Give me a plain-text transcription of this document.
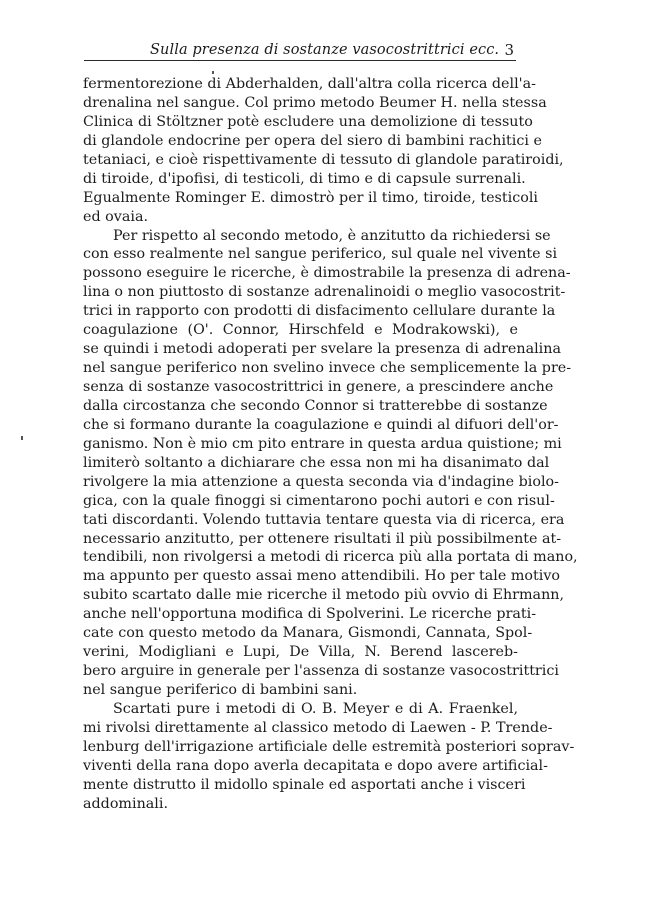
Sulla presenza di sostanze vasocostrittrici ecc. 3
fermentorezione di Abderhalden, dall'altra colla ricerca dell'a-
drenalina nel sangue. Col primo metodo Beumer H. nella stessa
Clinica di Stöltzner potè escludere una demolizione di tessuto
di glandole endocrine per opera del siero di bambini rachitici e
tetaniaci, e cioè rispettivamente di tessuto di glandole paratiroidi,
di tiroide, d'ipofisi, di testicoli, di timo e di capsule surrenali.
Egualmente Rominger E. dimostrò per il timo, tiroide, testicoli
ed ovaia.
Per rispetto al secondo metodo, è anzitutto da richiedersi se
con esso realmente nel sangue periferico, sul quale nel vivente si
possono eseguire le ricerche, è dimostrabile la presenza di adrena-
lina o non piuttosto di sostanze adrenalinoidi o meglio vasocostrit-
trici in rapporto con prodotti di disfacimento cellulare durante la
coagulazione (O'. Connor, Hirschfeld e Modrakowski), e
se quindi i metodi adoperati per svelare la presenza di adrenalina
nel sangue periferico non svelino invece che semplicemente la pre-
senza di sostanze vasocostrittrici in genere, a prescindere anche
dalla circostanza che secondo Connor si tratterebbe di sostanze
che si formano durante la coagulazione e quindi al difuori dell'or-
ganismo. Non è mio cm pito entrare in questa ardua quistione; mi
limiterò soltanto a dichiarare che essa non mi ha disanimato dal
rivolgere la mia attenzione a questa seconda via d'indagine biolo-
gica, con la quale finoggi si cimentarono pochi autori e con risul-
tati discordanti. Volendo tuttavia tentare questa via di ricerca, era
necessario anzitutto, per ottenere risultati il più possibilmente at-
tendibili, non rivolgersi a metodi di ricerca più alla portata di mano,
ma appunto per questo assai meno attendibili. Ho per tale motivo
subito scartato dalle mie ricerche il metodo più ovvio di Ehrmann,
anche nell'opportuna modifica di Spolverini. Le ricerche prati-
cate con questo metodo da Manara, Gismondi, Cannata, Spol-
verini, Modigliani e Lupi, De Villa, N. Berend lascereb-
bero arguire in generale per l'assenza di sostanze vasocostrittrici
nel sangue periferico di bambini sani.
Scartati pure i metodi di O. B. Meyer e di A. Fraenkel,
mi rivolsi direttamente al classico metodo di Laewen - P. Trende-
lenburg dell'irrigazione artificiale delle estremità posteriori soprav-
viventi della rana dopo averla decapitata e dopo avere artificial-
mente distrutto il midollo spinale ed asportati anche i visceri
addominali.
